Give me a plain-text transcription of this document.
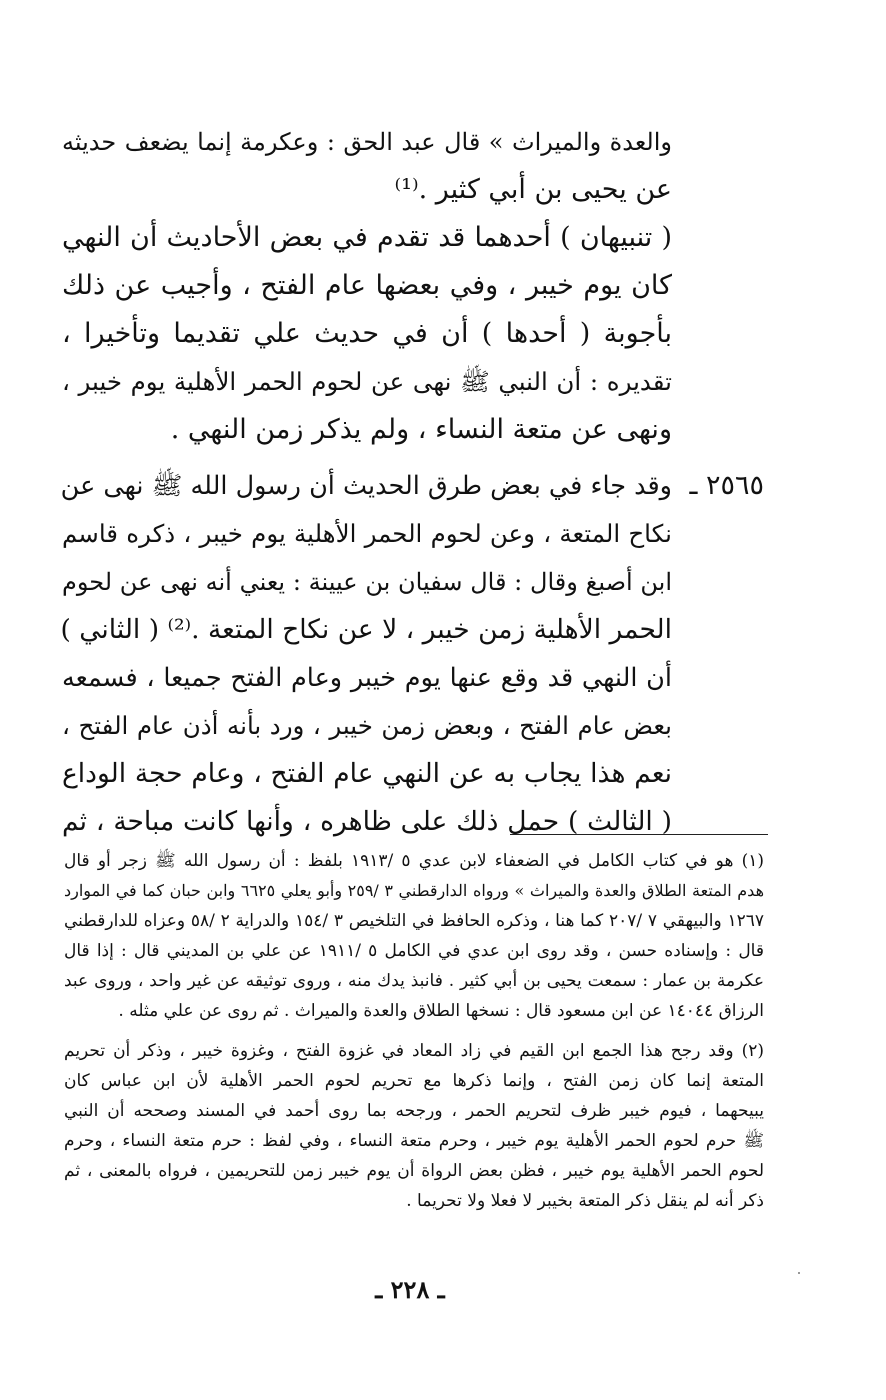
والعدة والميراث » قال عبد الحق : وعكرمة إنما يضعف حديثه
عن يحيى بن أبي كثير .⁽¹⁾
( تنبيهان ) أحدهما قد تقدم في بعض الأحاديث أن النهي
كان يوم خيبر ، وفي بعضها عام الفتح ، وأجيب عن ذلك
بأجوبة ( أحدها ) أن في حديث علي تقديما وتأخيرا ،
تقديره : أن النبي ﷺ نهى عن لحوم الحمر الأهلية يوم خيبر ،
ونهى عن متعة النساء ، ولم يذكر زمن النهي .
٢٥٦٥ ـ
وقد جاء في بعض طرق الحديث أن رسول الله ﷺ نهى عن
نكاح المتعة ، وعن لحوم الحمر الأهلية يوم خيبر ، ذكره قاسم
ابن أصبغ وقال : قال سفيان بن عيينة : يعني أنه نهى عن لحوم
الحمر الأهلية زمن خيبر ، لا عن نكاح المتعة .⁽²⁾ ( الثاني )
أن النهي قد وقع عنها يوم خيبر وعام الفتح جميعا ، فسمعه
بعض عام الفتح ، وبعض زمن خيبر ، ورد بأنه أذن عام الفتح ،
نعم هذا يجاب به عن النهي عام الفتح ، وعام حجة الوداع
( الثالث ) حمل ذلك على ظاهره ، وأنها كانت مباحة ، ثم
(١) هو في كتاب الكامل في الضعفاء لابن عدي ٥ /١٩١٣ بلفظ : أن رسول الله ﷺ زجر أو قال
هدم المتعة الطلاق والعدة والميراث » ورواه الدارقطني ٣ /٢٥٩ وأبو يعلي ٦٦٢٥ وابن حبان كما في الموارد
١٢٦٧ والبيهقي ٧ /٢٠٧ كما هنا ، وذكره الحافظ في التلخيص ٣ /١٥٤ والدراية ٢ /٥٨ وعزاه للدارقطني
قال : وإسناده حسن ، وقد روى ابن عدي في الكامل ٥ /١٩١١ عن علي بن المديني قال : إذا قال
عكرمة بن عمار : سمعت يحيى بن أبي كثير . فانبذ يدك منه ، وروى توثيقه عن غير واحد ، وروى عبد
الرزاق ١٤٠٤٤ عن ابن مسعود قال : نسخها الطلاق والعدة والميراث . ثم روى عن علي مثله .
(٢) وقد رجح هذا الجمع ابن القيم في زاد المعاد في غزوة الفتح ، وغزوة خيبر ، وذكر أن تحريم
المتعة إنما كان زمن الفتح ، وإنما ذكرها مع تحريم لحوم الحمر الأهلية لأن ابن عباس كان
يبيحهما ، فيوم خيبر ظرف لتحريم الحمر ، ورجحه بما روى أحمد في المسند وصححه أن النبي
ﷺ حرم لحوم الحمر الأهلية يوم خيبر ، وحرم متعة النساء ، وفي لفظ : حرم متعة النساء ، وحرم
لحوم الحمر الأهلية يوم خيبر ، فظن بعض الرواة أن يوم خيبر زمن للتحريمين ، فرواه بالمعنى ، ثم
ذكر أنه لم ينقل ذكر المتعة بخيبر لا فعلا ولا تحريما .
ـ ٢٢٨ ـ
